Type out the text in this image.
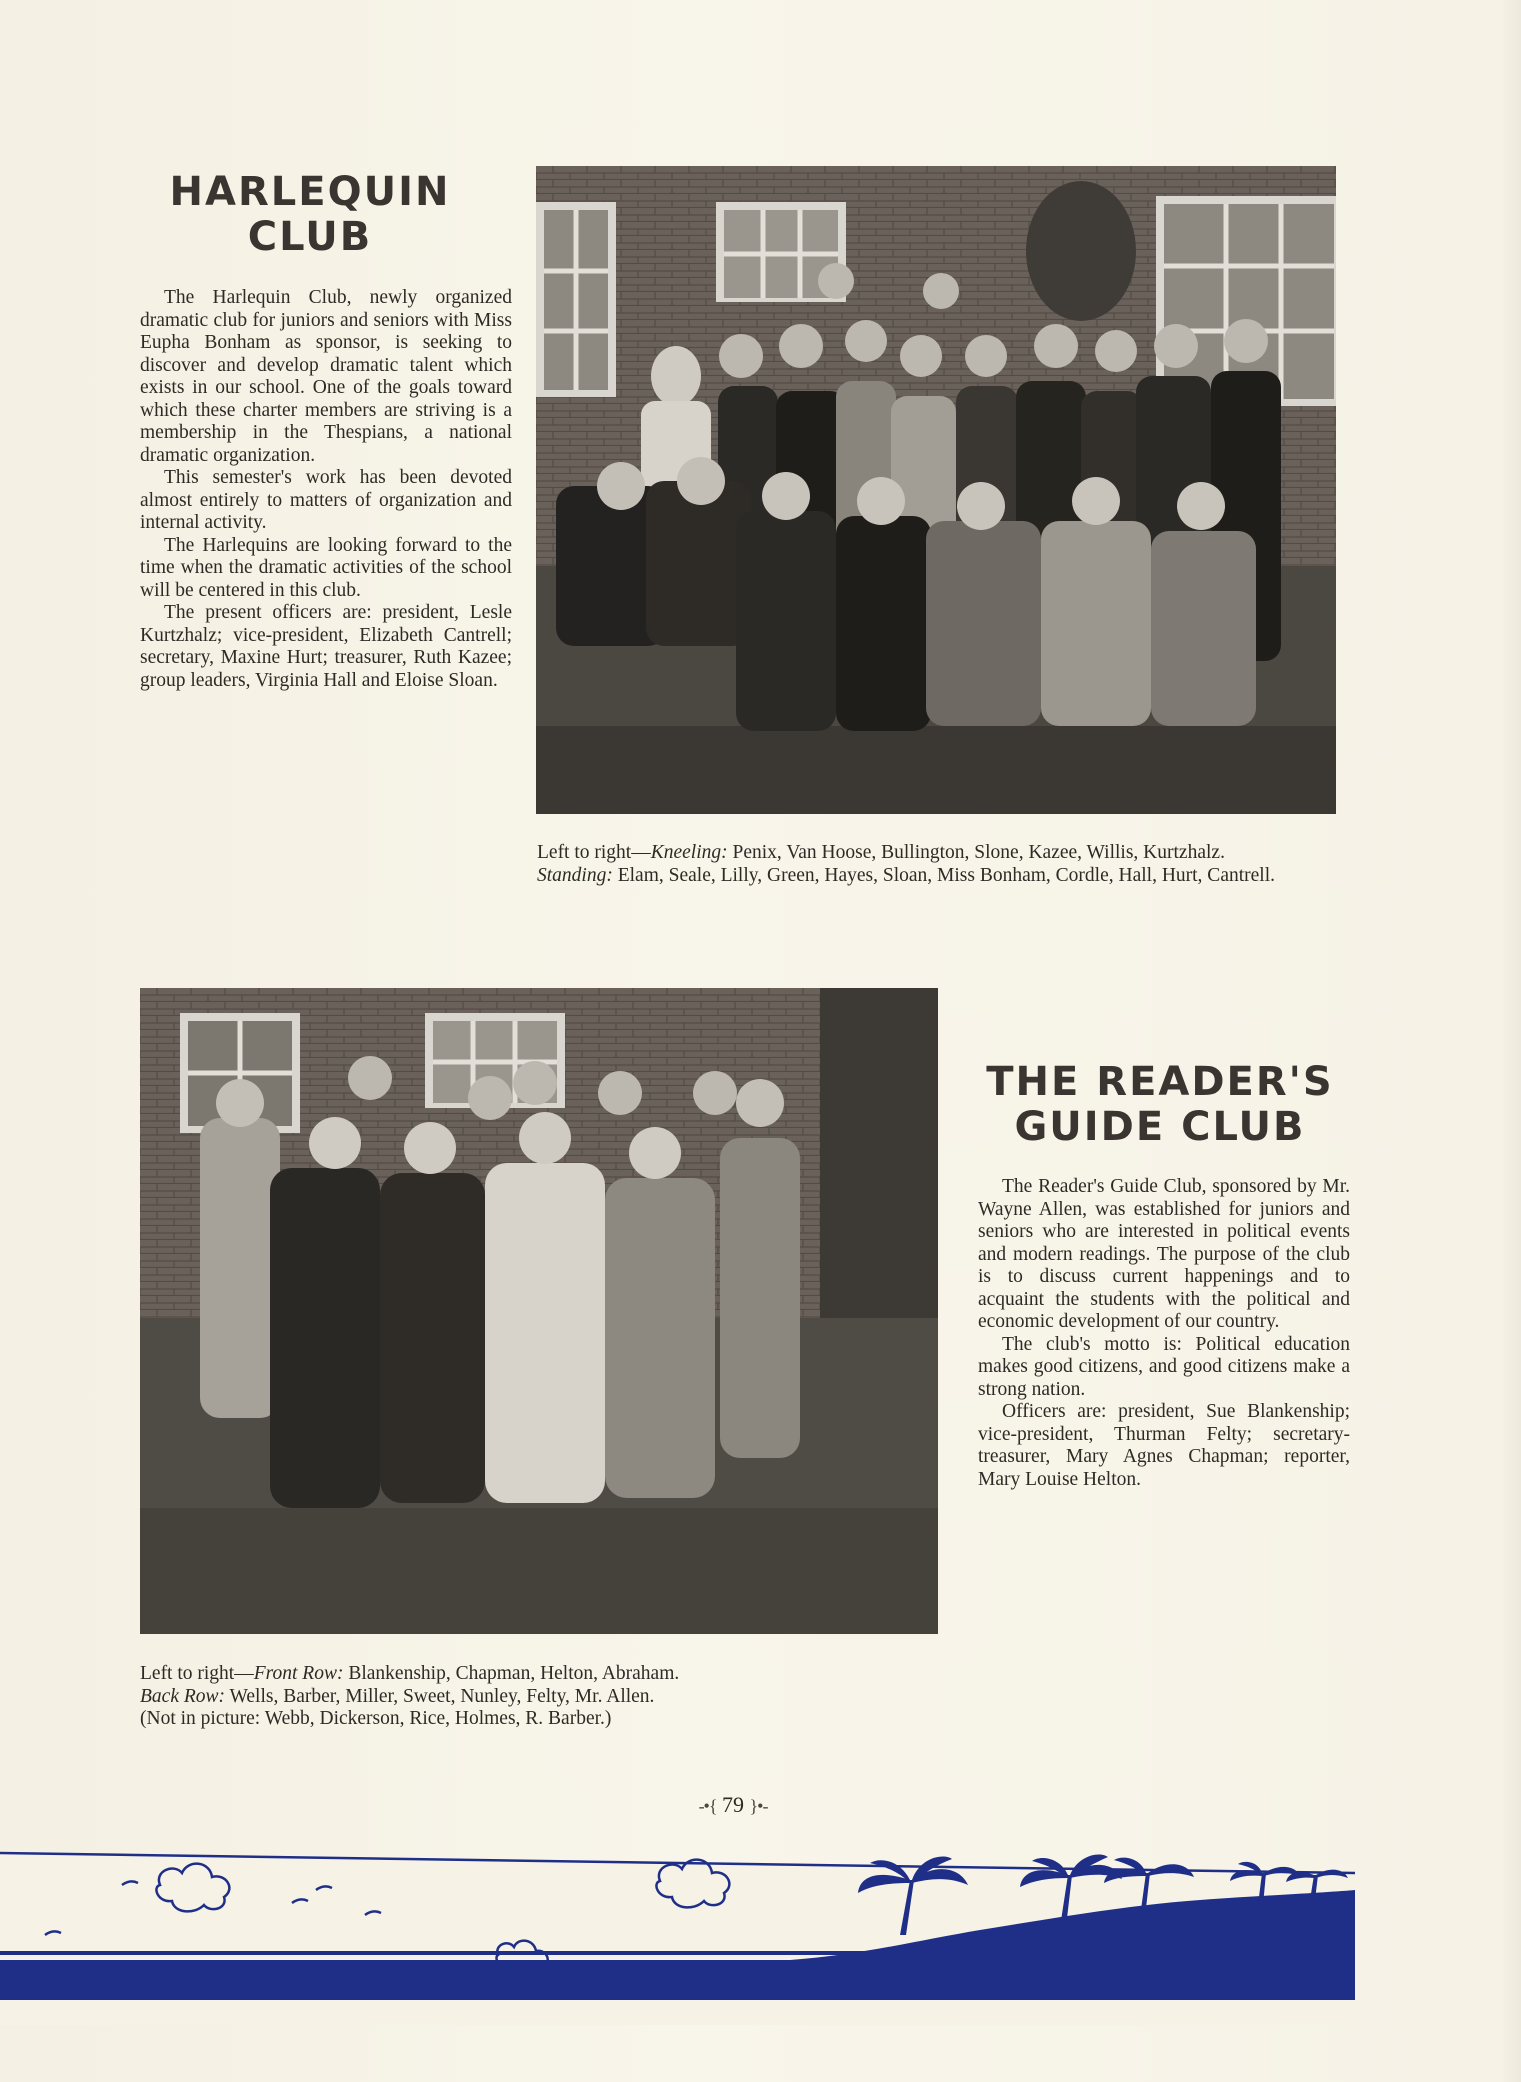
HARLEQUIN
CLUB

The Harlequin Club, newly organized dramatic club for juniors and seniors with Miss Eupha Bonham as sponsor, is seeking to discover and develop dramatic talent which exists in our school. One of the goals toward which these charter members are striving is a membership in the Thespians, a national dramatic organization.

This semester's work has been devoted almost entirely to matters of organization and internal activity.

The Harlequins are looking forward to the time when the dramatic activities of the school will be centered in this club.

The present officers are: president, Lesle Kurtzhalz; vice-president, Elizabeth Cantrell; secretary, Maxine Hurt; treasurer, Ruth Kazee; group leaders, Virginia Hall and Eloise Sloan.

Left to right—Kneeling: Penix, Van Hoose, Bullington, Slone, Kazee, Willis, Kurtzhalz.
Standing: Elam, Seale, Lilly, Green, Hayes, Sloan, Miss Bonham, Cordle, Hall, Hurt, Cantrell.
Left to right—Front Row: Blankenship, Chapman, Helton, Abraham.
Back Row: Wells, Barber, Miller, Sweet, Nunley, Felty, Mr. Allen.
(Not in picture: Webb, Dickerson, Rice, Holmes, R. Barber.)
THE READER'S
GUIDE CLUB

The Reader's Guide Club, sponsored by Mr. Wayne Allen, was established for juniors and seniors who are interested in political events and modern readings. The purpose of the club is to discuss current happenings and to acquaint the students with the political and economic development of our country.

The club's motto is: Political education makes good citizens, and good citizens make a strong nation.

Officers are: president, Sue Blankenship; vice-president, Thurman Felty; secretary-treasurer, Mary Agnes Chapman; reporter, Mary Louise Helton.

-•{ 79 }•-
